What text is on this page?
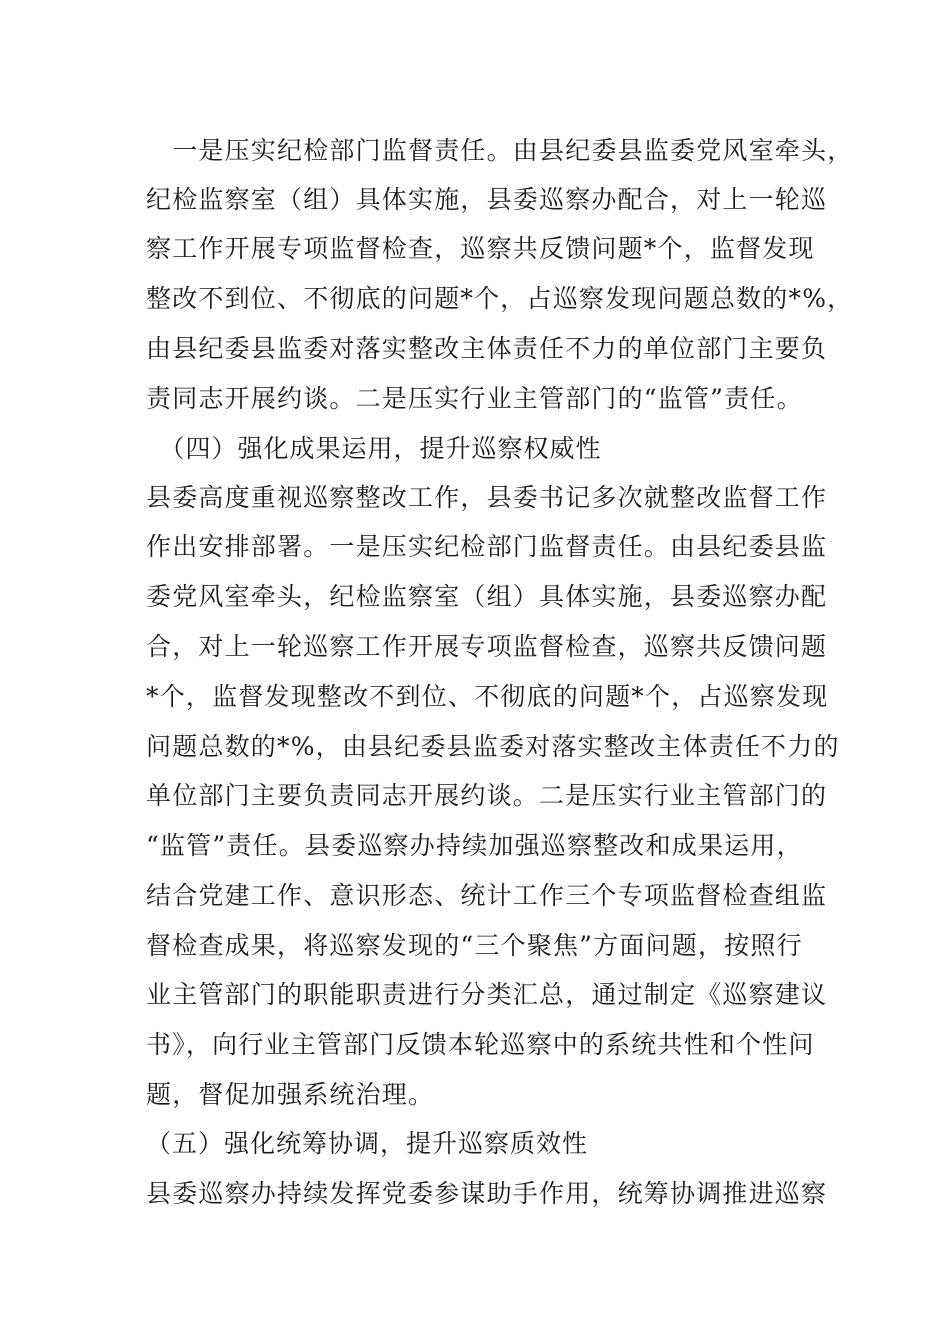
　一是压实纪检部门监督责任。由县纪委县监委党风室牵头，
纪检监察室（组）具体实施，县委巡察办配合，对上一轮巡
察工作开展专项监督检查，巡察共反馈问题*个，监督发现
整改不到位、不彻底的问题*个，占巡察发现问题总数的*%，
由县纪委县监委对落实整改主体责任不力的单位部门主要负
责同志开展约谈。二是压实行业主管部门的“监管”责任。
　（四）强化成果运用，提升巡察权威性
县委高度重视巡察整改工作，县委书记多次就整改监督工作
作出安排部署。一是压实纪检部门监督责任。由县纪委县监
委党风室牵头，纪检监察室（组）具体实施，县委巡察办配
合，对上一轮巡察工作开展专项监督检查，巡察共反馈问题
*个，监督发现整改不到位、不彻底的问题*个，占巡察发现
问题总数的*%，由县纪委县监委对落实整改主体责任不力的
单位部门主要负责同志开展约谈。二是压实行业主管部门的
“监管”责任。县委巡察办持续加强巡察整改和成果运用，
结合党建工作、意识形态、统计工作三个专项监督检查组监
督检查成果，将巡察发现的“三个聚焦”方面问题，按照行
业主管部门的职能职责进行分类汇总，通过制定《巡察建议
书》，向行业主管部门反馈本轮巡察中的系统共性和个性问
题，督促加强系统治理。
（五）强化统筹协调，提升巡察质效性
县委巡察办持续发挥党委参谋助手作用，统筹协调推进巡察
